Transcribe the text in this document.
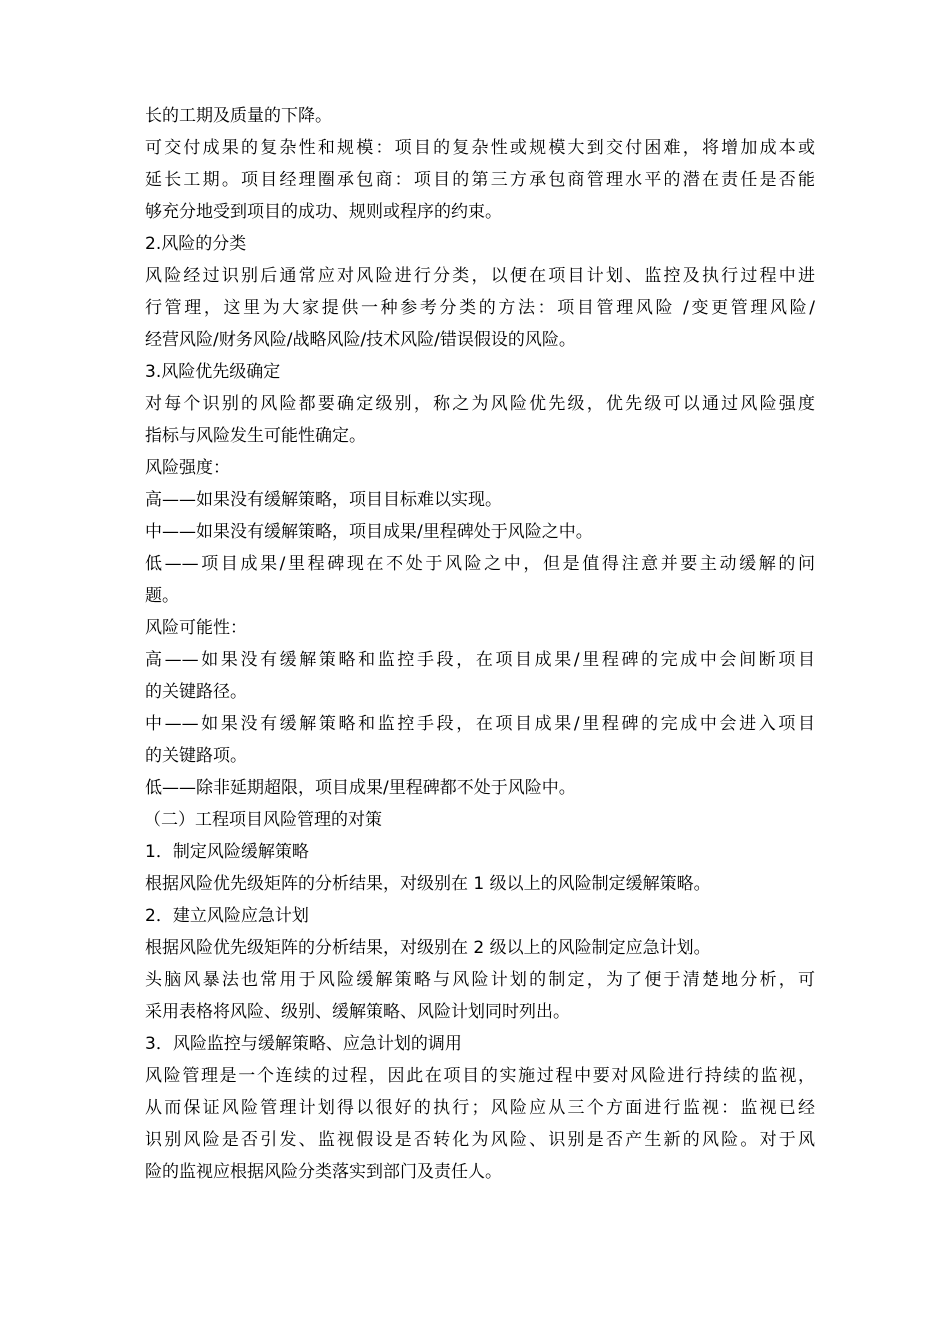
长的工期及质量的下降。
可交付成果的复杂性和规模：项目的复杂性或规模大到交付困难，将增加成本或
延长工期。项目经理圈承包商：项目的第三方承包商管理水平的潜在责任是否能
够充分地受到项目的成功、规则或程序的约束。
2.风险的分类
风险经过识别后通常应对风险进行分类，以便在项目计划、监控及执行过程中进
行管理，这里为大家提供一种参考分类的方法：项目管理风险 /变更管理风险/
经营风险/财务风险/战略风险/技术风险/错误假设的风险。
3.风险优先级确定
对每个识别的风险都要确定级别，称之为风险优先级，优先级可以通过风险强度
指标与风险发生可能性确定。
风险强度：
高——如果没有缓解策略，项目目标难以实现。
中——如果没有缓解策略，项目成果/里程碑处于风险之中。
低——项目成果/里程碑现在不处于风险之中，但是值得注意并要主动缓解的问
题。
风险可能性：
高——如果没有缓解策略和监控手段，在项目成果/里程碑的完成中会间断项目
的关键路径。
中——如果没有缓解策略和监控手段，在项目成果/里程碑的完成中会进入项目
的关键路项。
低——除非延期超限，项目成果/里程碑都不处于风险中。
（二）工程项目风险管理的对策
1．制定风险缓解策略
根据风险优先级矩阵的分析结果，对级别在 1 级以上的风险制定缓解策略。
2．建立风险应急计划
根据风险优先级矩阵的分析结果，对级别在 2 级以上的风险制定应急计划。
头脑风暴法也常用于风险缓解策略与风险计划的制定，为了便于清楚地分析，可
采用表格将风险、级别、缓解策略、风险计划同时列出。
3．风险监控与缓解策略、应急计划的调用
风险管理是一个连续的过程，因此在项目的实施过程中要对风险进行持续的监视，
从而保证风险管理计划得以很好的执行；风险应从三个方面进行监视：监视已经
识别风险是否引发、监视假设是否转化为风险、识别是否产生新的风险。对于风
险的监视应根据风险分类落实到部门及责任人。
